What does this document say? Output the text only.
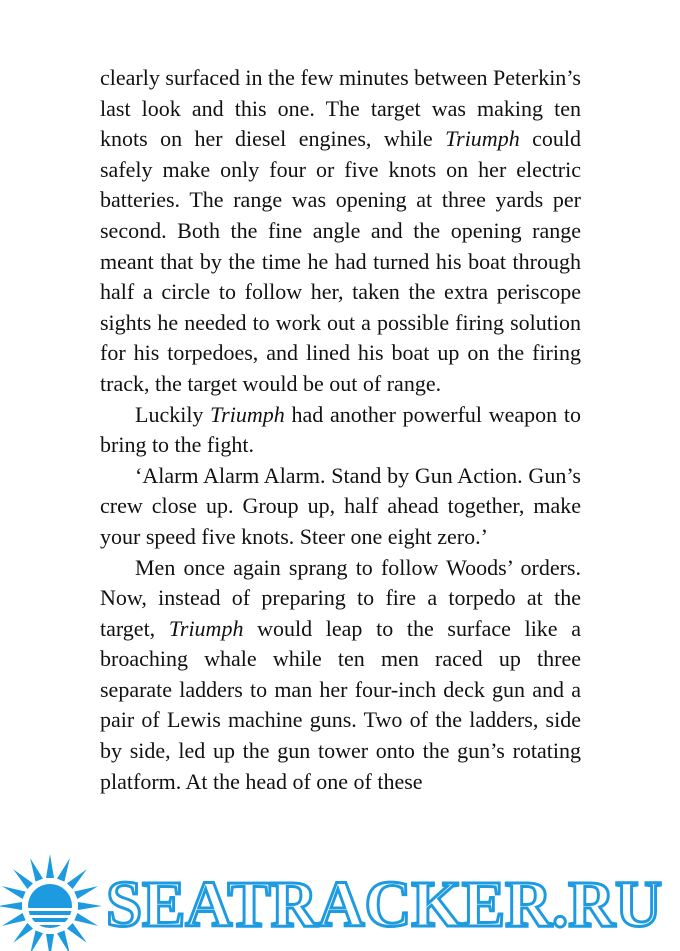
clearly surfaced in the few minutes between Peterkin’s last look and this one. The target was making ten knots on her diesel engines, while Triumph could safely make only four or five knots on her electric batteries. The range was opening at three yards per second. Both the fine angle and the opening range meant that by the time he had turned his boat through half a circle to follow her, taken the extra periscope sights he needed to work out a possible firing solution for his torpedoes, and lined his boat up on the firing track, the target would be out of range.

Luckily Triumph had another powerful weapon to bring to the fight.

‘Alarm Alarm Alarm. Stand by Gun Action. Gun’s crew close up. Group up, half ahead together, make your speed five knots. Steer one eight zero.’

Men once again sprang to follow Woods’ orders. Now, instead of preparing to fire a torpedo at the target, Triumph would leap to the surface like a broaching whale while ten men raced up three separate ladders to man her four-inch deck gun and a pair of Lewis machine guns. Two of the ladders, side by side, led up the gun tower onto the gun’s rotating platform. At the head of one of these

SEATRACKER.RU
